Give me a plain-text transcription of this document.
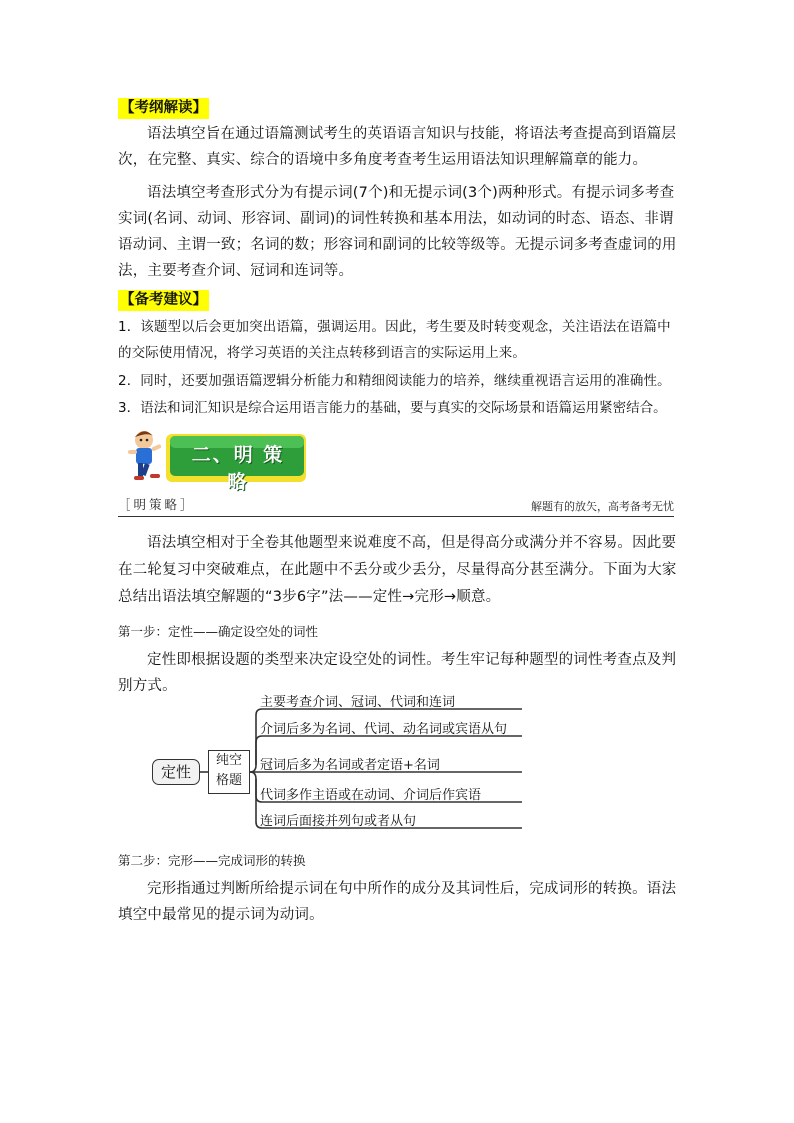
【考纲解读】
语法填空旨在通过语篇测试考生的英语语言知识与技能，将语法考查提高到语篇层次，在完整、真实、综合的语境中多角度考查考生运用语法知识理解篇章的能力。
语法填空考查形式分为有提示词(7个)和无提示词(3个)两种形式。有提示词多考查实词(名词、动词、形容词、副词)的词性转换和基本用法，如动词的时态、语态、非谓语动词、主谓一致；名词的数；形容词和副词的比较等级等。无提示词多考查虚词的用法，主要考查介词、冠词和连词等。
【备考建议】
1．该题型以后会更加突出语篇，强调运用。因此，考生要及时转变观念，关注语法在语篇中的交际使用情况，将学习英语的关注点转移到语言的实际运用上来。
2．同时，还要加强语篇逻辑分析能力和精细阅读能力的培养，继续重视语言运用的准确性。
3．语法和词汇知识是综合运用语言能力的基础，要与真实的交际场景和语篇运用紧密结合。
二、明 策 略
［明策略］	解题有的放矢，高考备考无忧
语法填空相对于全卷其他题型来说难度不高，但是得高分或满分并不容易。因此要在二轮复习中突破难点，在此题中不丢分或少丢分，尽量得高分甚至满分。下面为大家总结出语法填空解题的“3步6字”法——定性→完形→顺意。
第一步：定性——确定设空处的词性
定性即根据设题的类型来决定设空处的词性。考生牢记每种题型的词性考查点及判别方式。
定性
纯空
格题
主要考查介词、冠词、代词和连词
介词后多为名词、代词、动名词或宾语从句
冠词后多为名词或者定语+名词
代词多作主语或在动词、介词后作宾语
连词后面接并列句或者从句
第二步：完形——完成词形的转换
完形指通过判断所给提示词在句中所作的成分及其词性后，完成词形的转换。语法填空中最常见的提示词为动词。
